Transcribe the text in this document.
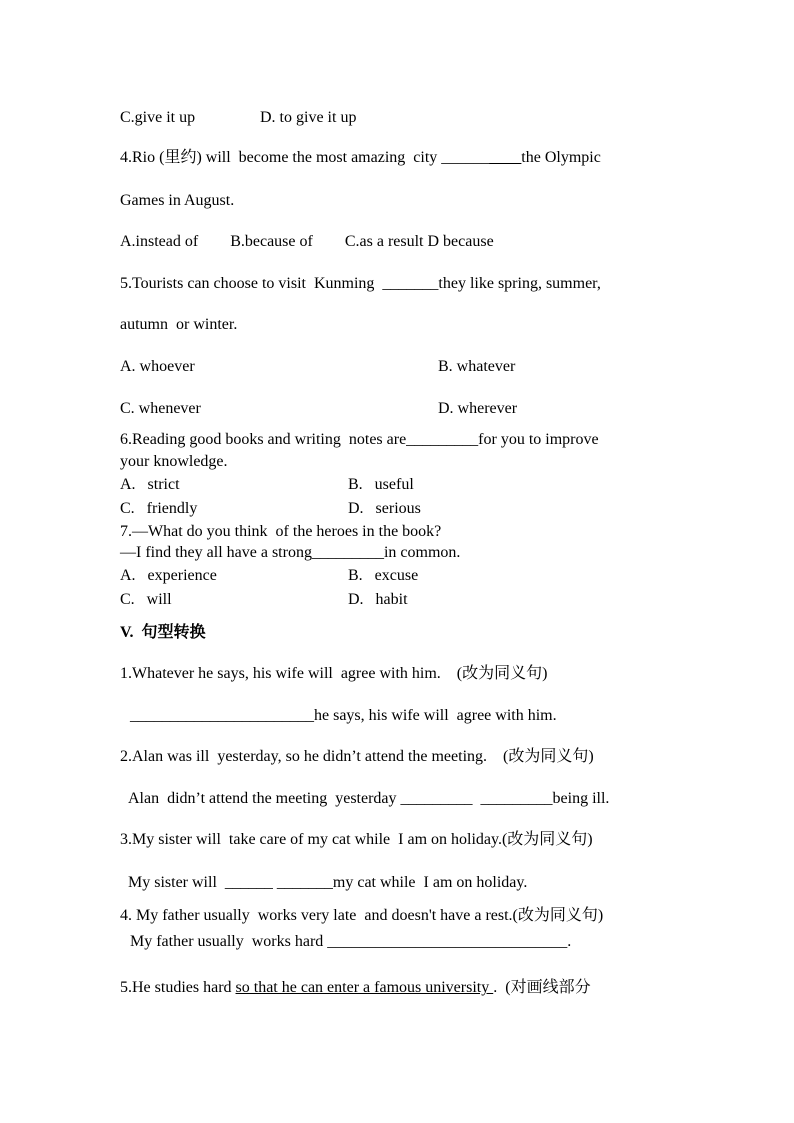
C.give it up	D. to give it up
4.Rio (里约) will  become the most amazing  city __________the Olympic
Games in August.
A.instead of        B.because of        C.as a result D because
5.Tourists can choose to visit  Kunming  _______they like spring, summer,
autumn  or winter.
A. whoever	B. whatever
C. whenever	D. wherever
6.Reading good books and writing  notes are_________for you to improve
your knowledge.
A.   strict	B.   useful
C.   friendly	D.   serious
7.—What do you think  of the heroes in the book?
—I find they all have a strong_________in common.
A.   experience	B.   excuse
C.   will	D.   habit
V.  句型转换
1.Whatever he says, his wife will  agree with him.    (改为同义句)
_______________________he says, his wife will  agree with him.
2.Alan was ill  yesterday, so he didn’t attend the meeting.    (改为同义句)
Alan  didn’t attend the meeting  yesterday _________  _________being ill.
3.My sister will  take care of my cat while  I am on holiday.(改为同义句)
My sister will  ______ _______my cat while  I am on holiday.
4. My father usually  works very late  and doesn't have a rest.(改为同义句)
My father usually  works hard ______________________________.
5.He studies hard so that he can enter a famous university .  (对画线部分
